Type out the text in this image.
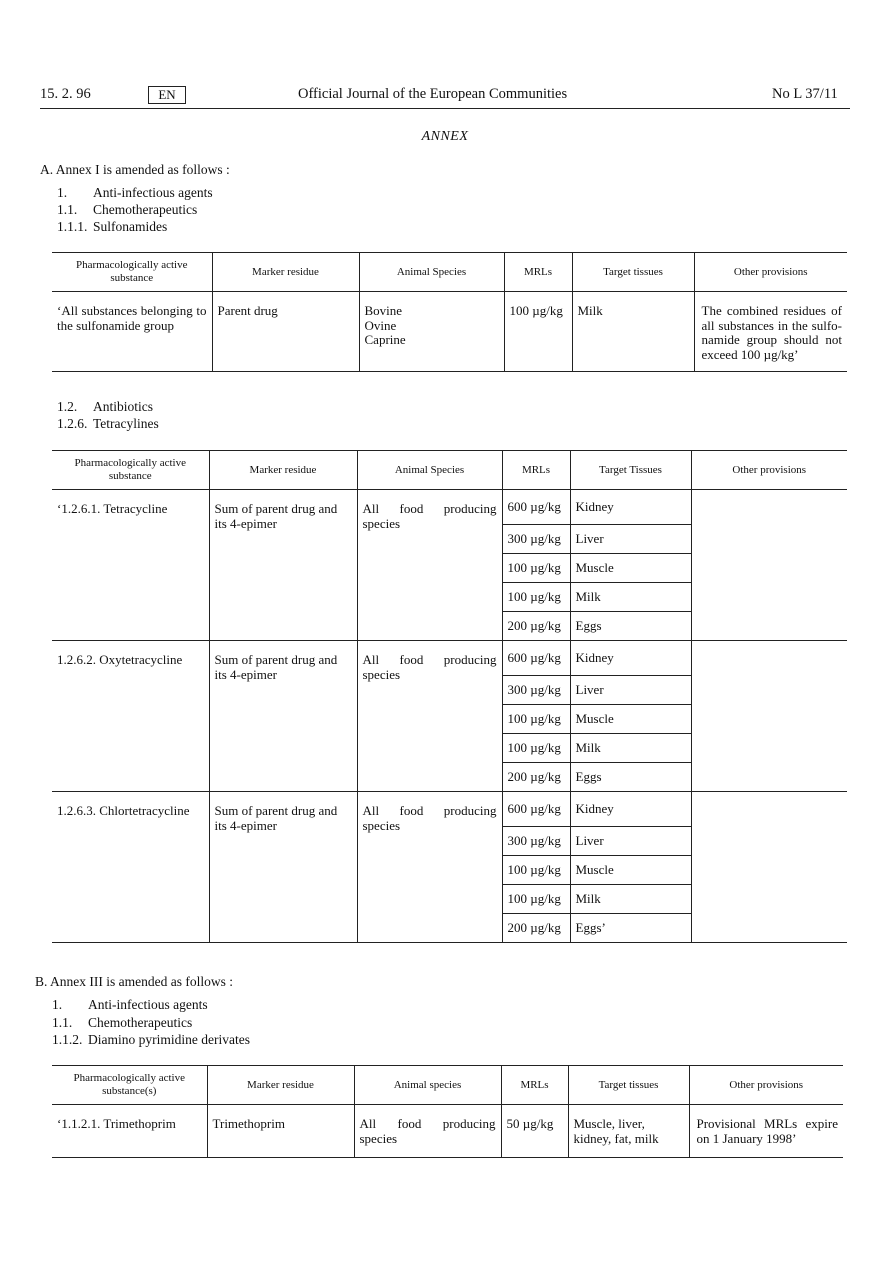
15. 2. 96	EN	Official Journal of the European Communities	No L 37/11
ANNEX
A. Annex I is amended as follows :
1. Anti-infectious agents
1.1. Chemotherapeutics
1.1.1. Sulfonamides
Pharmacologically active substance	Marker residue	Animal Species	MRLs	Target tissues	Other provisions
‘All substances belonging to the sulfonamide group	Parent drug	Bovine
Ovine
Caprine	100 µg/kg	Milk	The combined residues of all substances in the sulfo-namide group should not exceed 100 µg/kg’
1.2. Antibiotics
1.2.6. Tetracylines
Pharmacologically active substance	Marker residue	Animal Species	MRLs	Target Tissues	Other provisions
‘1.2.6.1. Tetracycline	Sum of parent drug and its 4-epimer	All food producing species	600 µg/kg	Kidney	
			300 µg/kg	Liver	
			100 µg/kg	Muscle	
			100 µg/kg	Milk	
			200 µg/kg	Eggs	
1.2.6.2. Oxytetracycline	Sum of parent drug and its 4-epimer	All food producing species	600 µg/kg	Kidney	
			300 µg/kg	Liver	
			100 µg/kg	Muscle	
			100 µg/kg	Milk	
			200 µg/kg	Eggs	
1.2.6.3. Chlortetracycline	Sum of parent drug and its 4-epimer	All food producing species	600 µg/kg	Kidney	
			300 µg/kg	Liver	
			100 µg/kg	Muscle	
			100 µg/kg	Milk	
			200 µg/kg	Eggs’	
B. Annex III is amended as follows :
1. Anti-infectious agents
1.1. Chemotherapeutics
1.1.2. Diamino pyrimidine derivates
Pharmacologically active substance(s)	Marker residue	Animal species	MRLs	Target tissues	Other provisions
‘1.1.2.1. Trimethoprim	Trimethoprim	All food producing species	50 µg/kg	Muscle, liver, kidney, fat, milk	Provisional MRLs expire on 1 January 1998’
